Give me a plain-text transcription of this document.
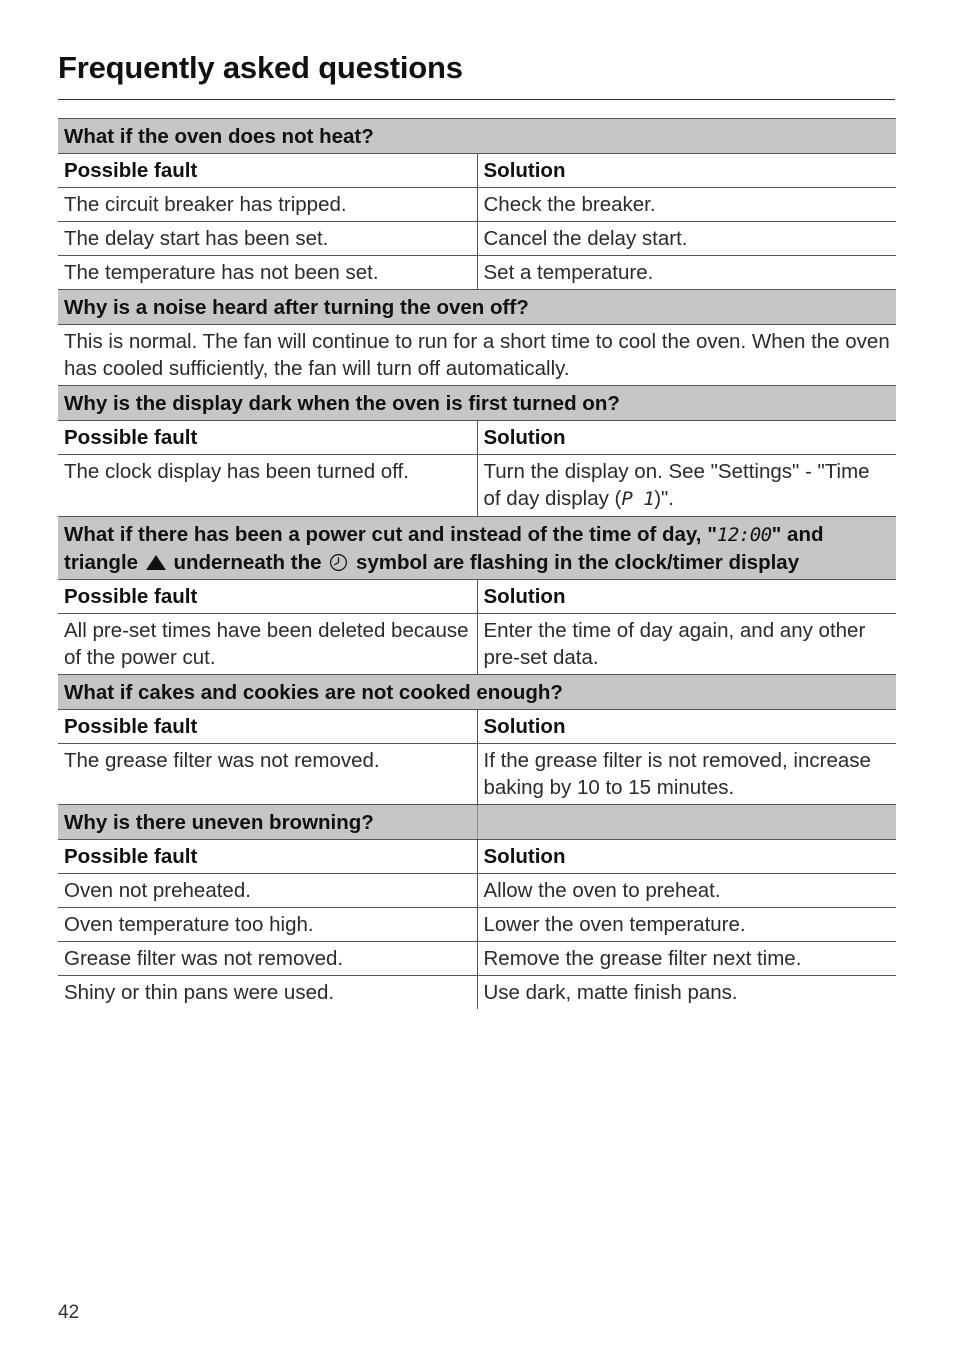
Frequently asked questions
What if the oven does not heat?	
Possible fault	Solution
The circuit breaker has tripped.	Check the breaker.
The delay start has been set.	Cancel the delay start.
The temperature has not been set.	Set a temperature.
Why is a noise heard after turning the oven off?	
This is normal. The fan will continue to run for a short time to cool the oven. When the oven has cooled sufficiently, the fan will turn off automatically.	
Why is the display dark when the oven is first turned on?	
Possible fault	Solution
The clock display has been turned off.	Turn the display on. See "Settings" - "Time of day display (P 1)".
What if there has been a power cut and instead of the time of day, "12:00" and triangle underneath the symbol are flashing in the clock/timer display	
Possible fault	Solution
All pre-set times have been deleted because of the power cut.	Enter the time of day again, and any other pre-set data.
What if cakes and cookies are not cooked enough?	
Possible fault	Solution
The grease filter was not removed.	If the grease filter is not removed, increase baking by 10 to 15 minutes.
Why is there uneven browning?	
Possible fault	Solution
Oven not preheated.	Allow the oven to preheat.
Oven temperature too high.	Lower the oven temperature.
Grease filter was not removed.	Remove the grease filter next time.
Shiny or thin pans were used.	Use dark, matte finish pans.
42
